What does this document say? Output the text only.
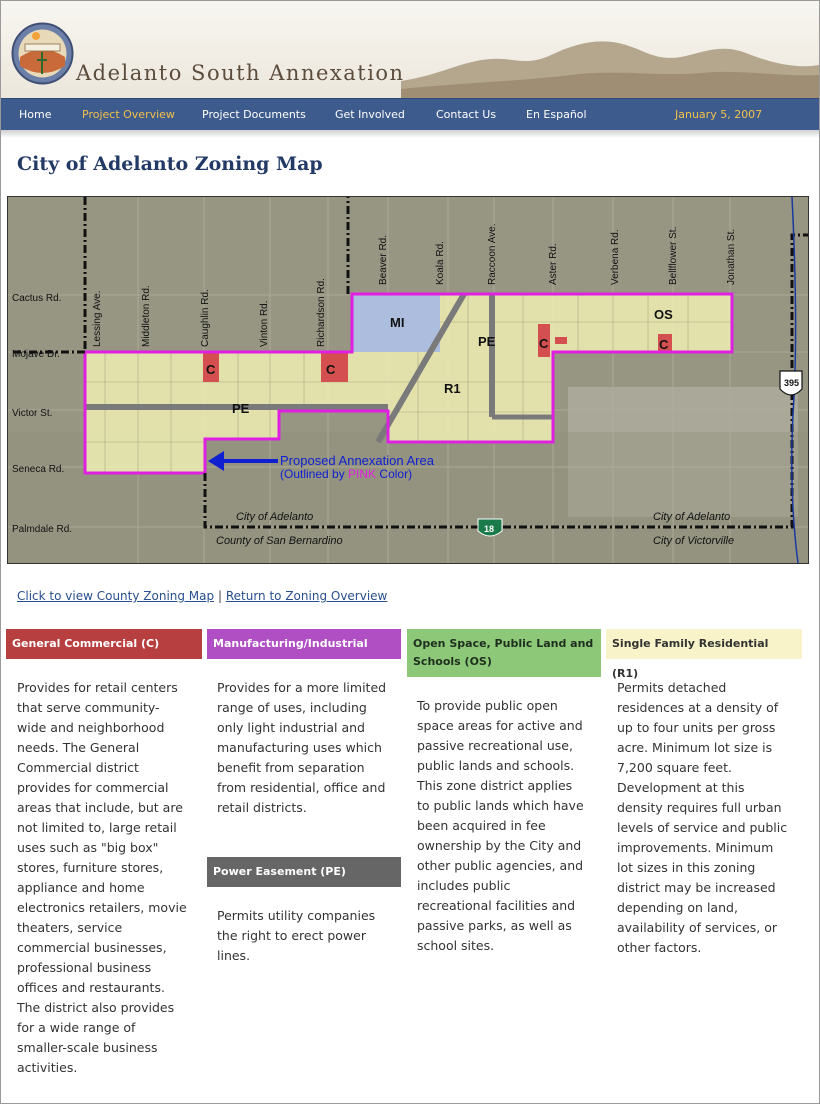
Adelanto South Annexation
Home	Project Overview Project Documents	Get Involved	Contact Us	En Español	January 5, 2007
City of Adelanto Zoning Map
MI
PE
PE
R1
OS
C	C
C	C
Cactus Rd.
Mojave Dr.
Victor St.
Seneca Rd.
Palmdale Rd.
Lessing Ave.	Middleton Rd.	Caughlin Rd.	Vinton Rd.	Richardson Rd.
Beaver Rd.	Koala Rd.	Raccoon Ave.	Aster Rd.	Verbena Rd.	Bellflower St.	Jonathan St.
Proposed Annexation Area
(Outlined by PINK Color)
City of Adelanto
County of San Bernardino
City of Adelanto
City of Victorville
395
18
Click to view County Zoning Map | Return to Zoning Overview
General Commercial (C)	Manufacturing/Industrial (MI)
Open Space, Public Land and Schools (OS)
Single Family Residential (R1)
Power Easement (PE)
Provides for retail centers that serve community-wide and neighborhood needs. The General Commercial district provides for commercial areas that include, but are not limited to, large retail uses such as "big box" stores, furniture stores, appliance and home electronics retailers, movie theaters, service commercial businesses, professional business offices and restaurants. The district also provides for a wide range of smaller-scale business activities.
Provides for a more limited range of uses, including only light industrial and manufacturing uses which benefit from separation from residential, office and retail districts.
Permits utility companies the right to erect power lines.
To provide public open space areas for active and passive recreational use, public lands and schools. This zone district applies to public lands which have been acquired in fee ownership by the City and other public agencies, and includes public recreational facilities and passive parks, as well as school sites.
Permits detached residences at a density of up to four units per gross acre. Minimum lot size is 7,200 square feet. Development at this density requires full urban levels of service and public improvements. Minimum lot sizes in this zoning district may be increased depending on land, availability of services, or other factors.
